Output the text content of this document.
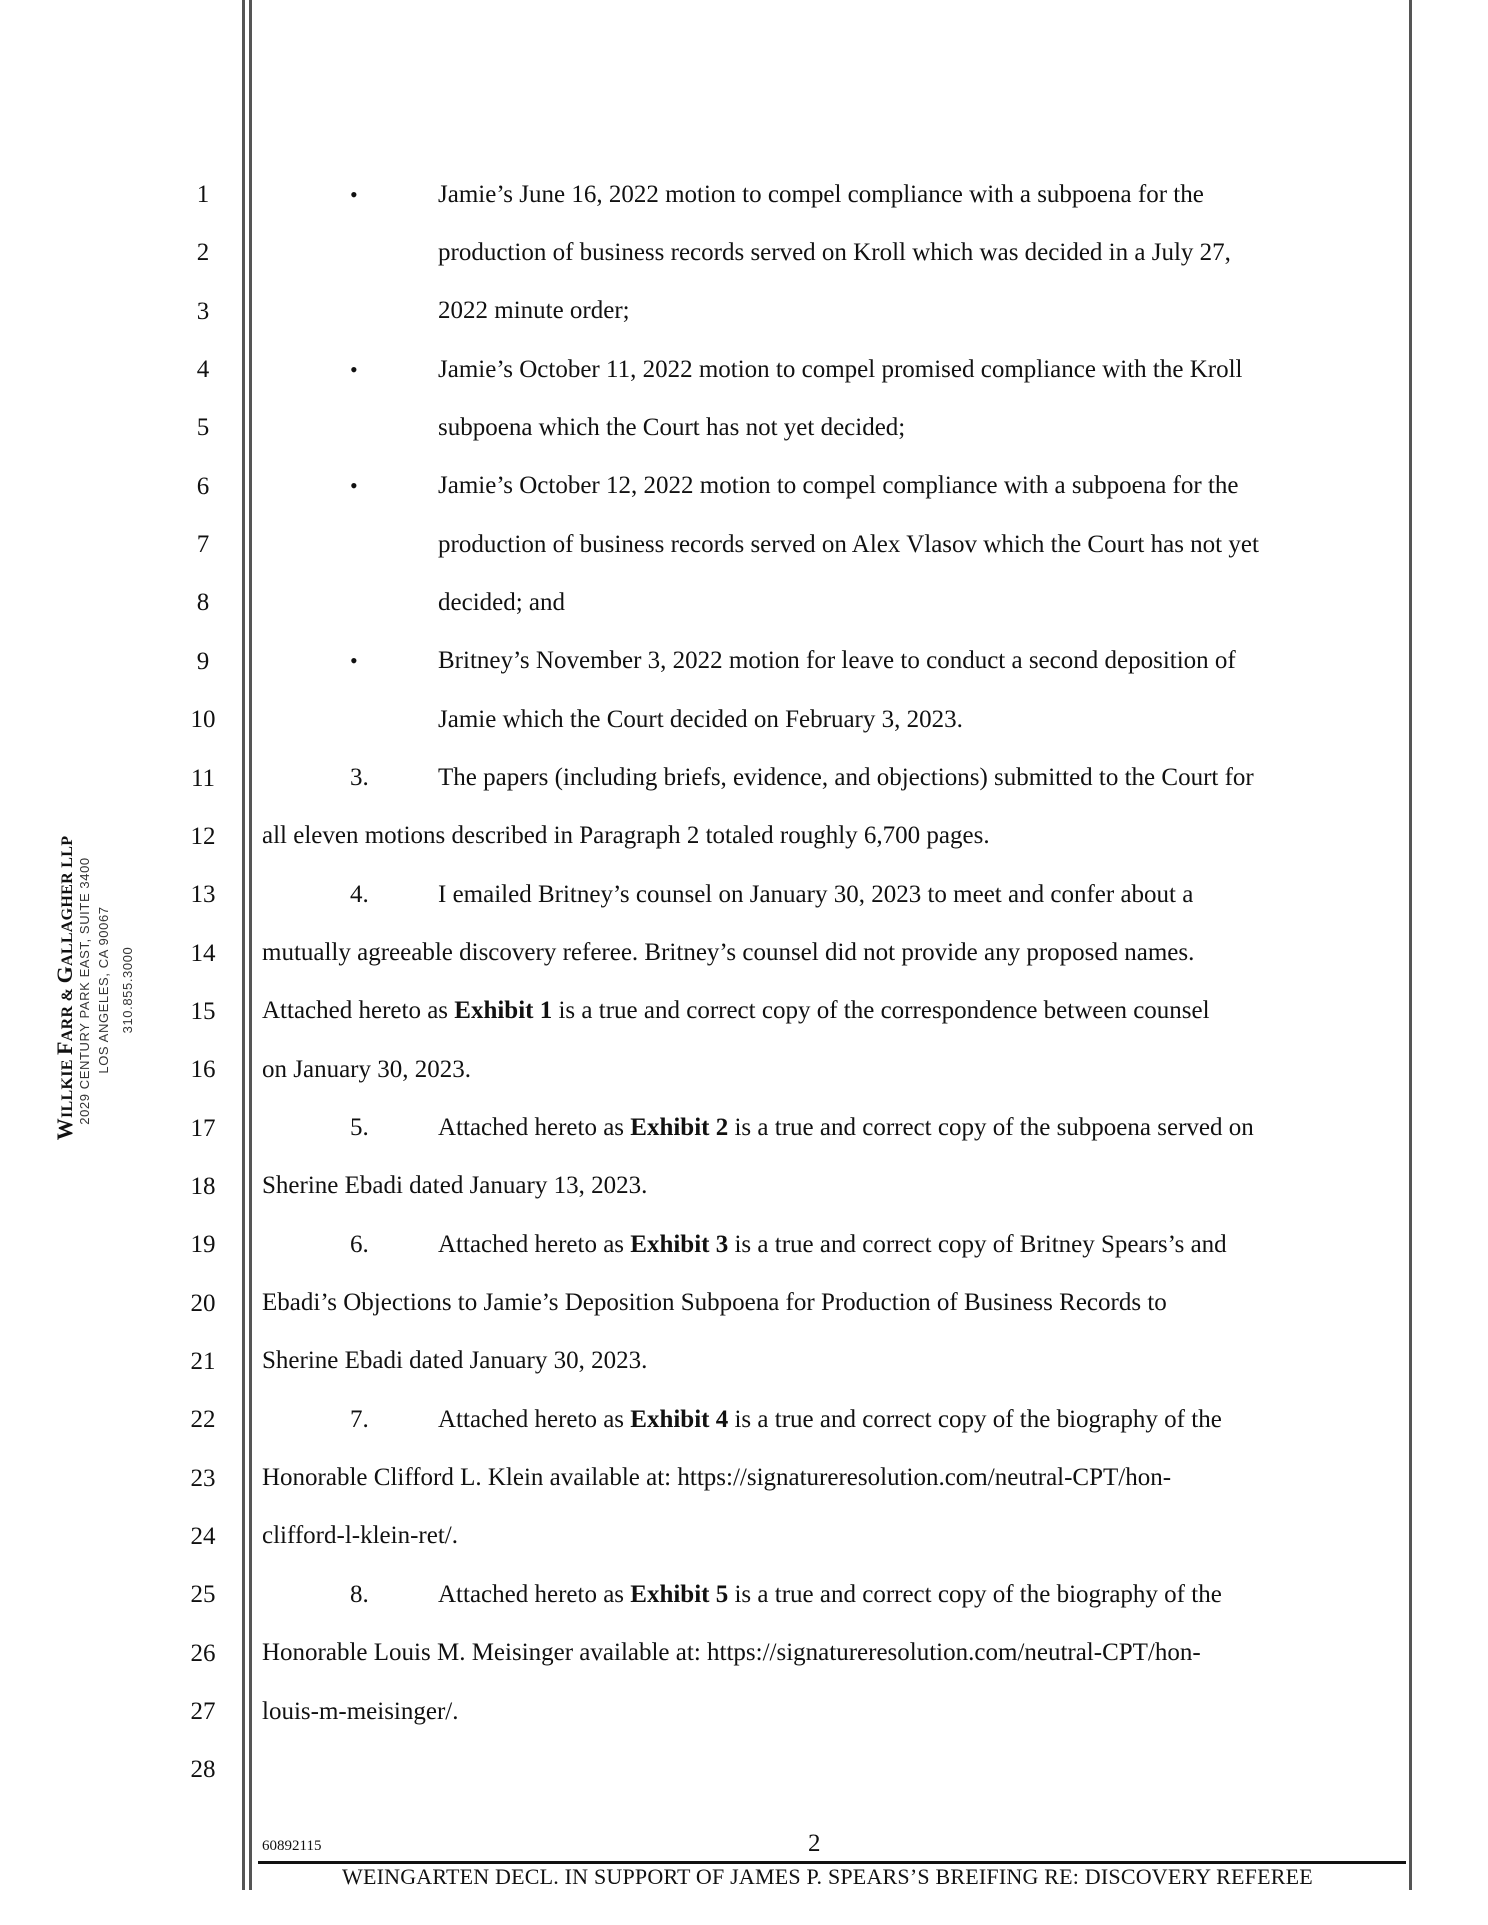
WILLKIE FARR & GALLAGHER LLP 2029 CENTURY PARK EAST, SUITE 3400 LOS ANGELES, CA 90067 310.855.3000
1
2
3
4
5
6
7
8
9
10
11
12
13
14
15
16
17
18
19
20
21
22
23
24
25
26
27
28
•	Jamie’s June 16, 2022 motion to compel compliance with a subpoena for the
production of business records served on Kroll which was decided in a July 27,
2022 minute order;
•	Jamie’s October 11, 2022 motion to compel promised compliance with the Kroll
subpoena which the Court has not yet decided;
•	Jamie’s October 12, 2022 motion to compel compliance with a subpoena for the
production of business records served on Alex Vlasov which the Court has not yet
decided; and
•	Britney’s November 3, 2022 motion for leave to conduct a second deposition of
Jamie which the Court decided on February 3, 2023.
3.	The papers (including briefs, evidence, and objections) submitted to the Court for
all eleven motions described in Paragraph 2 totaled roughly 6,700 pages.
4.	I emailed Britney’s counsel on January 30, 2023 to meet and confer about a
mutually agreeable discovery referee. Britney’s counsel did not provide any proposed names.
Attached hereto as Exhibit 1 is a true and correct copy of the correspondence between counsel
on January 30, 2023.
5.	Attached hereto as Exhibit 2 is a true and correct copy of the subpoena served on
Sherine Ebadi dated January 13, 2023.
6.	Attached hereto as Exhibit 3 is a true and correct copy of Britney Spears’s and
Ebadi’s Objections to Jamie’s Deposition Subpoena for Production of Business Records to
Sherine Ebadi dated January 30, 2023.
7.	Attached hereto as Exhibit 4 is a true and correct copy of the biography of the
Honorable Clifford L. Klein available at: https://signatureresolution.com/neutral-CPT/hon-
clifford-l-klein-ret/.
8.	Attached hereto as Exhibit 5 is a true and correct copy of the biography of the
Honorable Louis M. Meisinger available at: https://signatureresolution.com/neutral-CPT/hon-
louis-m-meisinger/.
60892115	2
WEINGARTEN DECL. IN SUPPORT OF JAMES P. SPEARS’S BREIFING RE: DISCOVERY REFEREE
